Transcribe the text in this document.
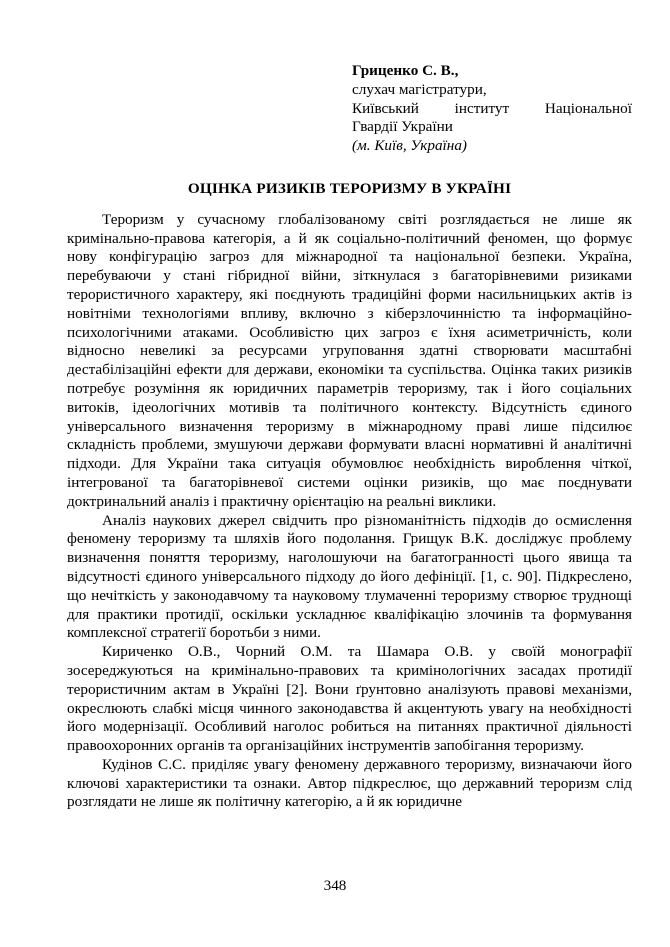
Гриценко С. В.,
слухач магістратури,
Київський інститут Національної
Гвардії України
(м. Київ, Україна)
ОЦІНКА РИЗИКІВ ТЕРОРИЗМУ В УКРАЇНІ

Тероризм у сучасному глобалізованому світі розглядається не лише як кримінально-правова категорія, а й як соціально-політичний феномен, що формує нову конфігурацію загроз для міжнародної та національної безпеки. Україна, перебуваючи у стані гібридної війни, зіткнулася з багаторівневими ризиками терористичного характеру, які поєднують традиційні форми насильницьких актів із новітніми технологіями впливу, включно з кіберзлочинністю та інформаційно-психологічними атаками. Особливістю цих загроз є їхня асиметричність, коли відносно невеликі за ресурсами угруповання здатні створювати масштабні дестабілізаційні ефекти для держави, економіки та суспільства. Оцінка таких ризиків потребує розуміння як юридичних параметрів тероризму, так і його соціальних витоків, ідеологічних мотивів та політичного контексту. Відсутність єдиного універсального визначення тероризму в міжнародному праві лише підсилює складність проблеми, змушуючи держави формувати власні нормативні й аналітичні підходи. Для України така ситуація обумовлює необхідність вироблення чіткої, інтегрованої та багаторівневої системи оцінки ризиків, що має поєднувати доктринальний аналіз і практичну орієнтацію на реальні виклики.

Аналіз наукових джерел свідчить про різноманітність підходів до осмислення феномену тероризму та шляхів його подолання. Грищук В.К. досліджує проблему визначення поняття тероризму, наголошуючи на багатогранності цього явища та відсутності єдиного універсального підходу до його дефініції. [1, с. 90]. Підкреслено, що нечіткість у законодавчому та науковому тлумаченні тероризму створює труднощі для практики протидії, оскільки ускладнює кваліфікацію злочинів та формування комплексної стратегії боротьби з ними.

Кириченко О.В., Чорний О.М. та Шамара О.В. у своїй монографії зосереджуються на кримінально-правових та кримінологічних засадах протидії терористичним актам в Україні [2]. Вони ґрунтовно аналізують правові механізми, окреслюють слабкі місця чинного законодавства й акцентують увагу на необхідності його модернізації. Особливий наголос робиться на питаннях практичної діяльності правоохоронних органів та організаційних інструментів запобігання тероризму.

Кудінов С.С. приділяє увагу феномену державного тероризму, визначаючи його ключові характеристики та ознаки. Автор підкреслює, що державний тероризм слід розглядати не лише як політичну категорію, а й як юридичне

348
